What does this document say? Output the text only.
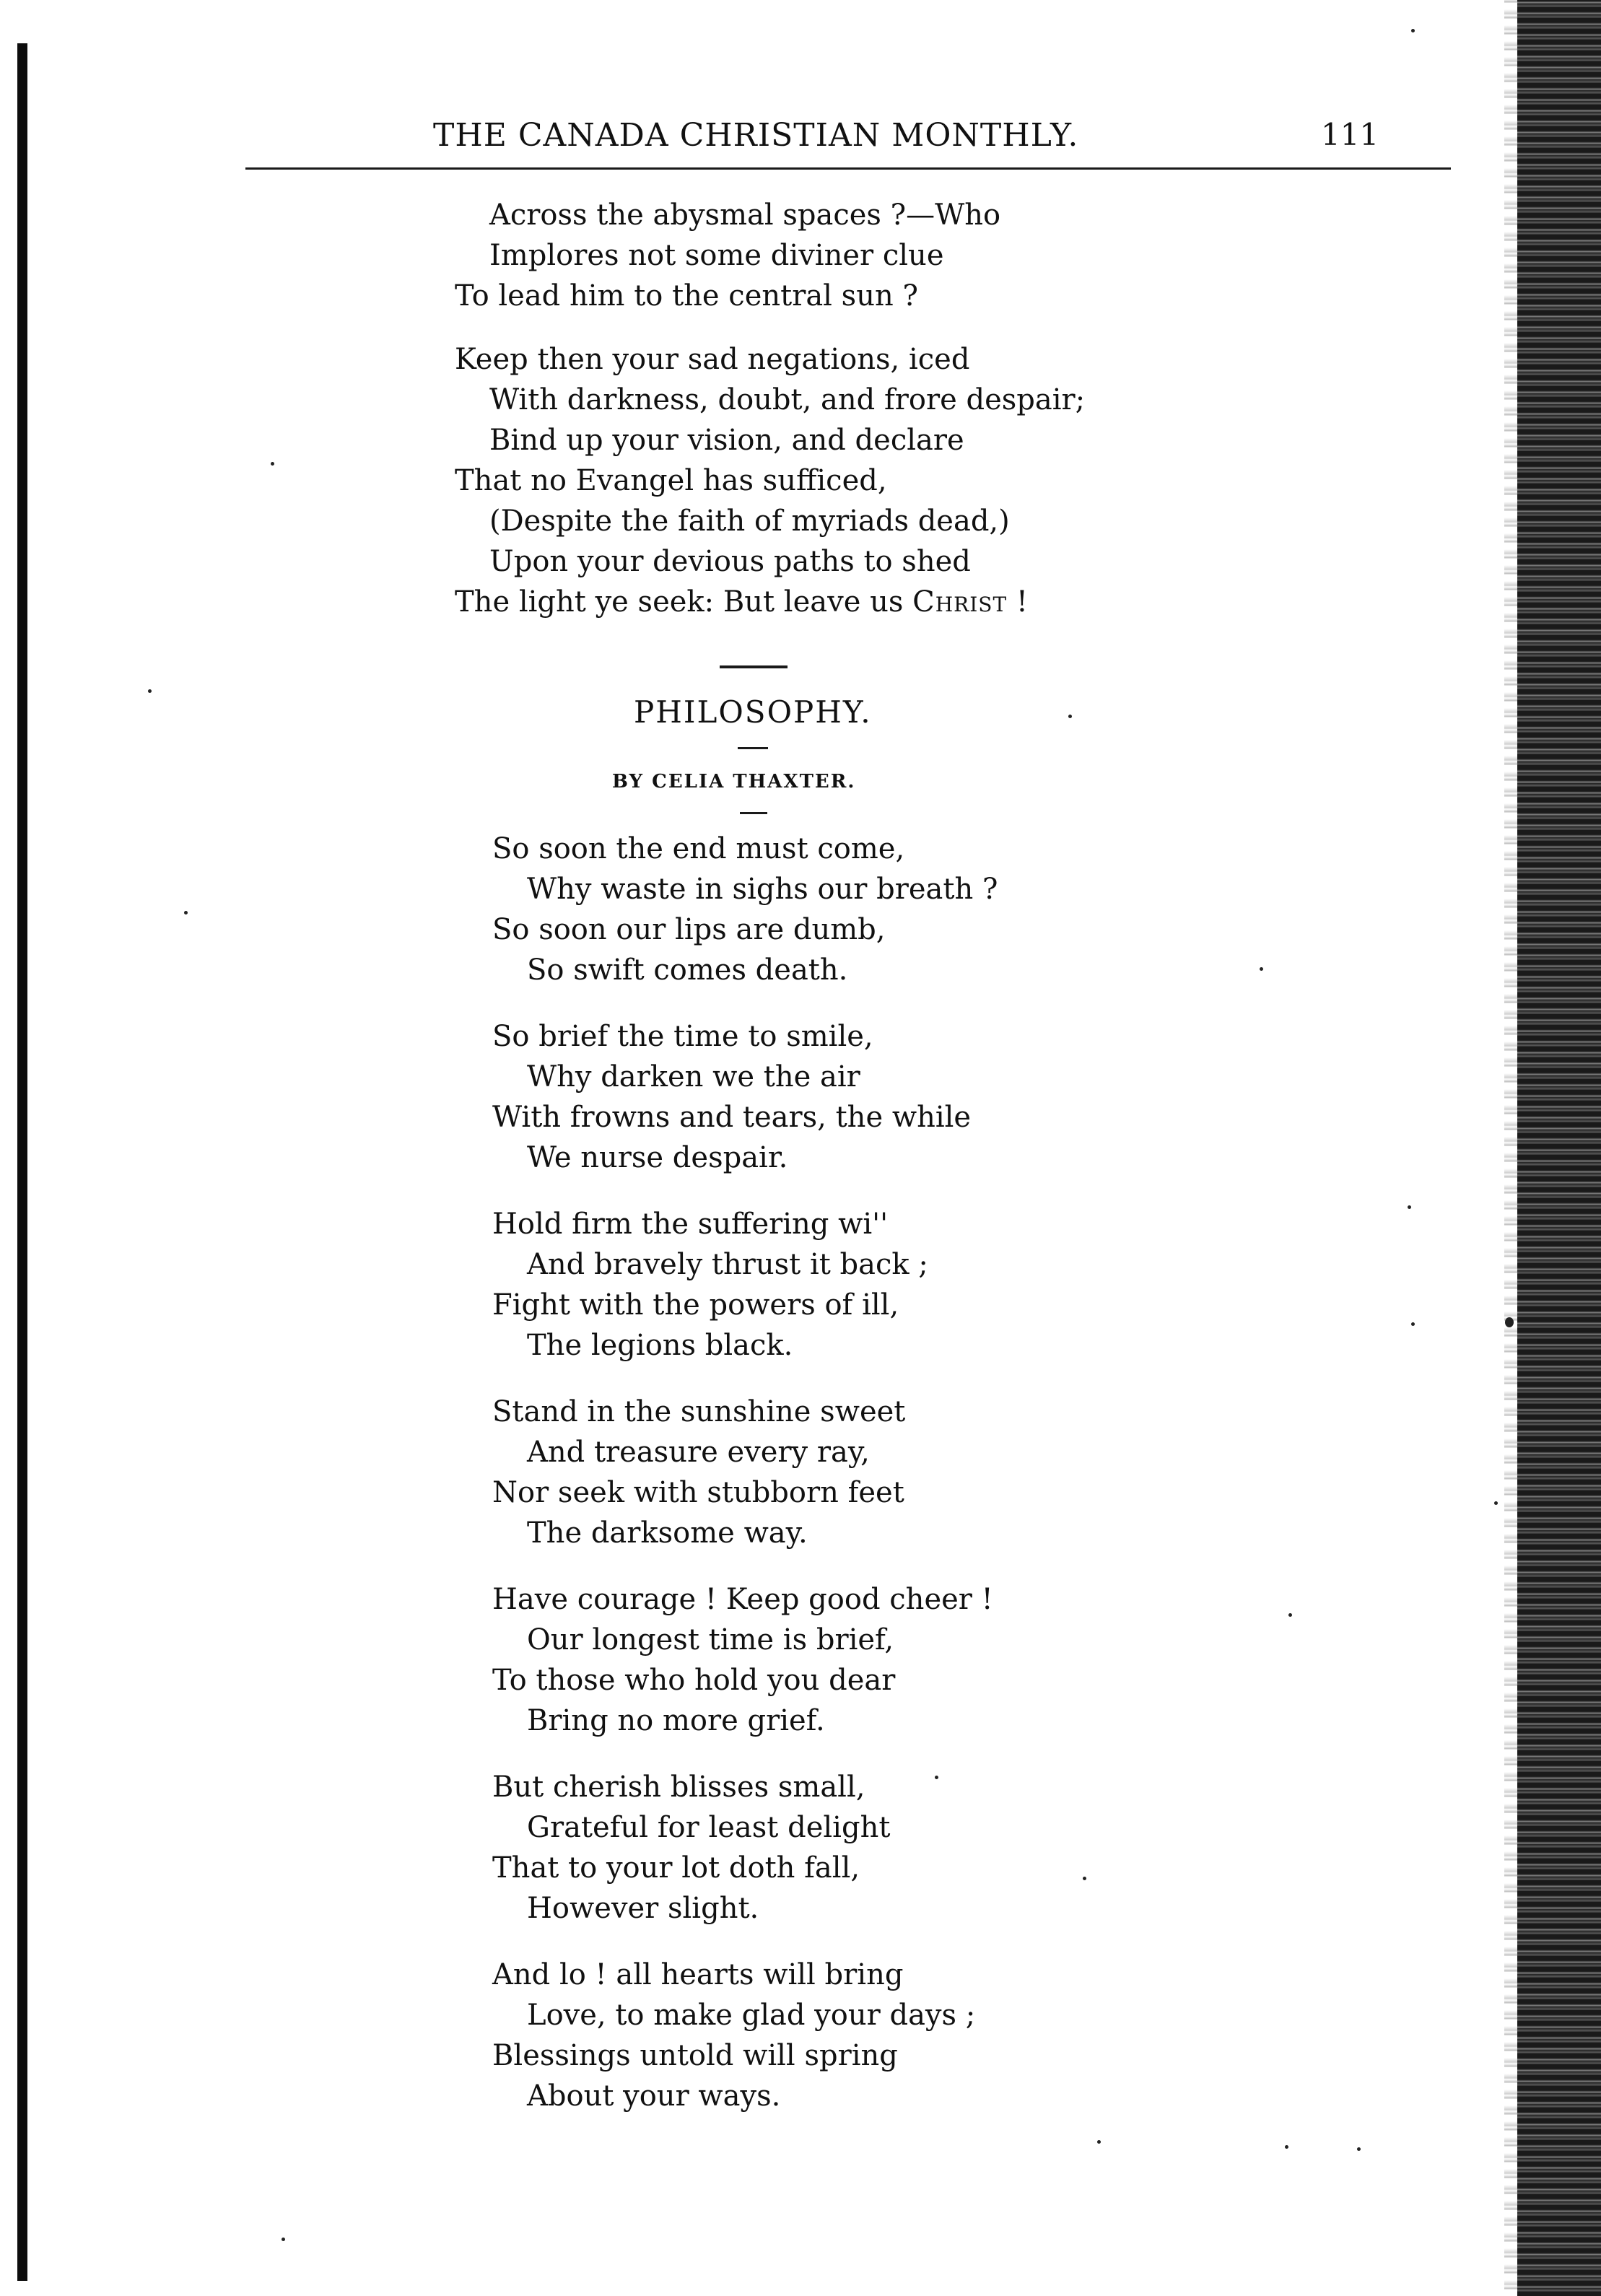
THE CANADA CHRISTIAN MONTHLY.	111
Across the abysmal spaces ?—Who
Implores not some diviner clue
To lead him to the central sun ?
Keep then your sad negations, iced
With darkness, doubt, and frore despair;
Bind up your vision, and declare
That no Evangel has sufficed,
(Despite the faith of myriads dead,)
Upon your devious paths to shed
The light ye seek: But leave us Christ !
PHILOSOPHY.
BY CELIA THAXTER.
So soon the end must come,
Why waste in sighs our breath ?
So soon our lips are dumb,
So swift comes death.
So brief the time to smile,
Why darken we the air
With frowns and tears, the while
We nurse despair.
Hold firm the suffering wi''
And bravely thrust it back ;
Fight with the powers of ill,
The legions black.
Stand in the sunshine sweet
And treasure every ray,
Nor seek with stubborn feet
The darksome way.
Have courage ! Keep good cheer !
Our longest time is brief,
To those who hold you dear
Bring no more grief.
But cherish blisses small,
Grateful for least delight
That to your lot doth fall,
However slight.
And lo ! all hearts will bring
Love, to make glad your days ;
Blessings untold will spring
About your ways.
